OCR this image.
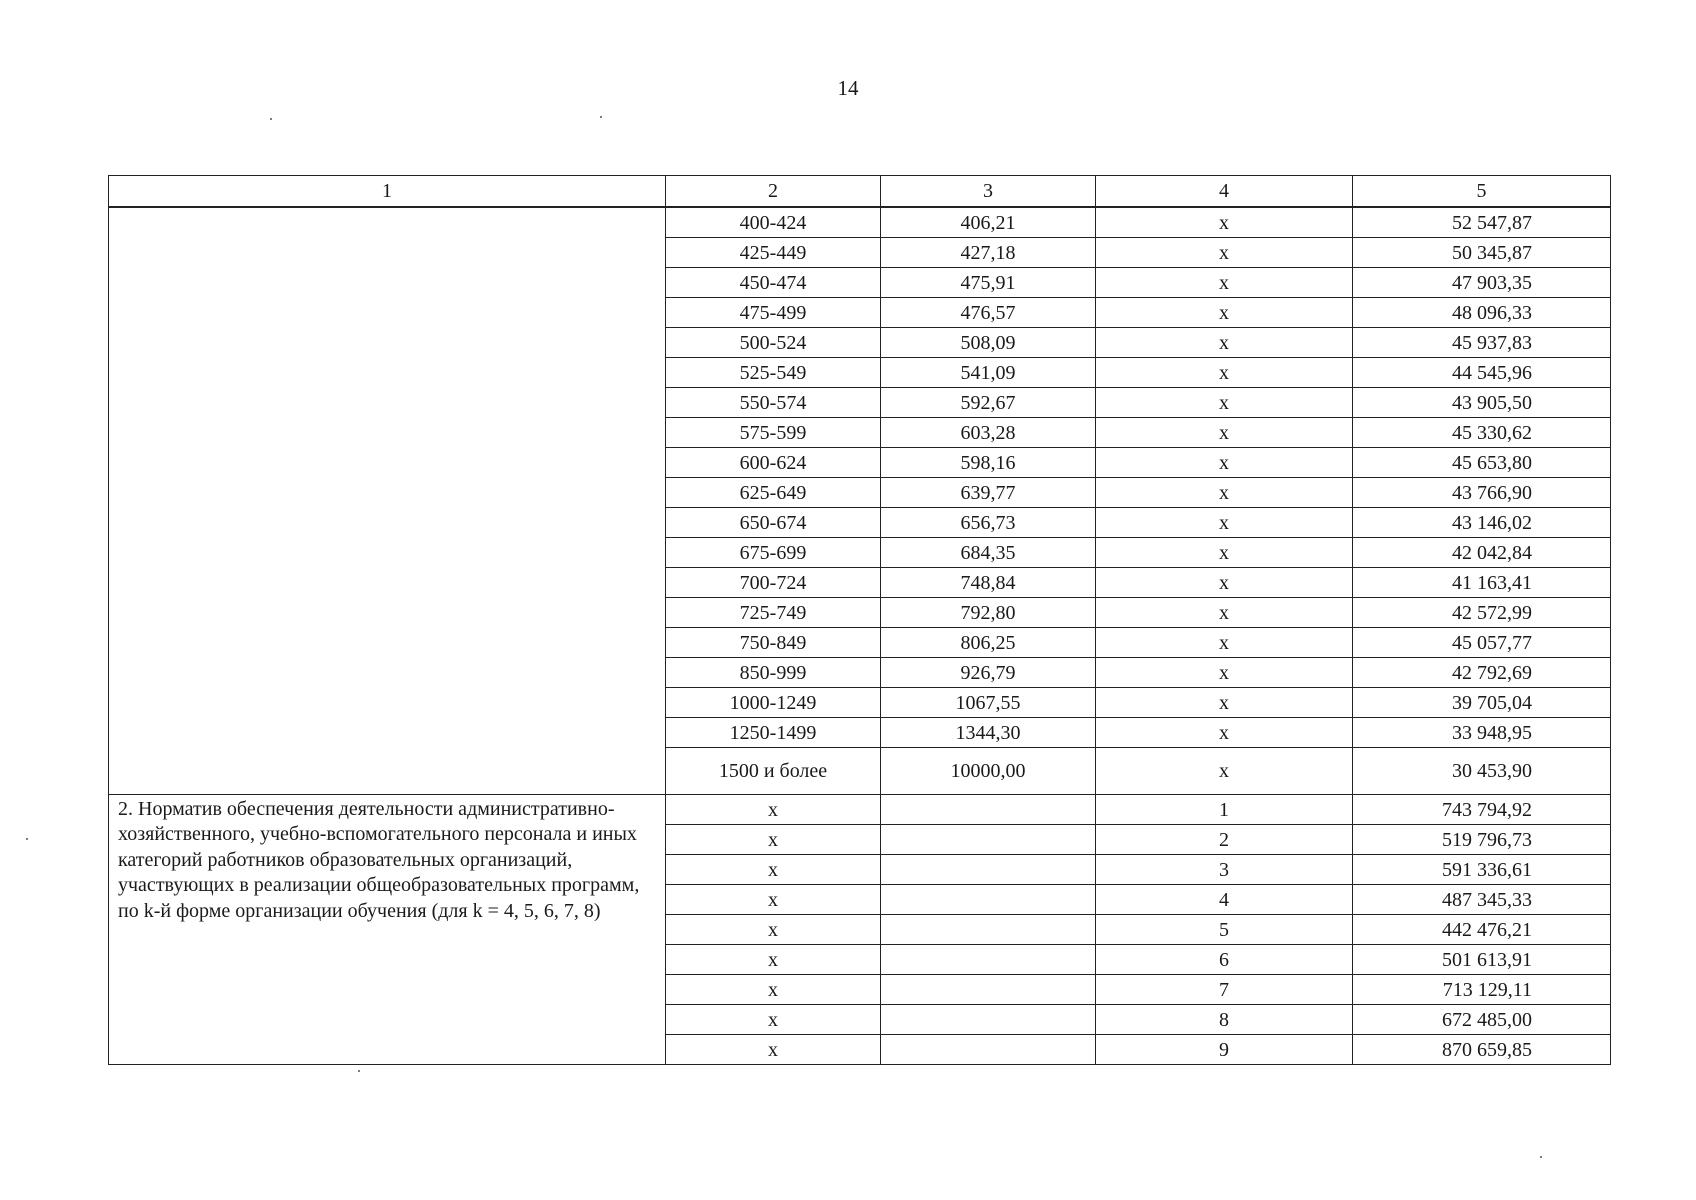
14
1	2	3	4	5
	400-424	406,21	x	52 547,87
	425-449	427,18	x	50 345,87
	450-474	475,91	x	47 903,35
	475-499	476,57	x	48 096,33
	500-524	508,09	x	45 937,83
	525-549	541,09	x	44 545,96
	550-574	592,67	x	43 905,50
	575-599	603,28	x	45 330,62
	600-624	598,16	x	45 653,80
	625-649	639,77	x	43 766,90
	650-674	656,73	x	43 146,02
	675-699	684,35	x	42 042,84
	700-724	748,84	x	41 163,41
	725-749	792,80	x	42 572,99
	750-849	806,25	x	45 057,77
	850-999	926,79	x	42 792,69
	1000-1249	1067,55	x	39 705,04
	1250-1499	1344,30	x	33 948,95
	1500 и более	10000,00	x	30 453,90
2. Норматив обеспечения деятельности административно-хозяйственного, учебно-вспомогательного персонала и иных категорий работников образовательных организаций, участвующих в реализации общеобразовательных программ, по k-й форме организации обучения (для k = 4, 5, 6, 7, 8)	x		1	743 794,92
	x		2	519 796,73
	x		3	591 336,61
	x		4	487 345,33
	x		5	442 476,21
	x		6	501 613,91
	x		7	713 129,11
	x		8	672 485,00
	x		9	870 659,85
